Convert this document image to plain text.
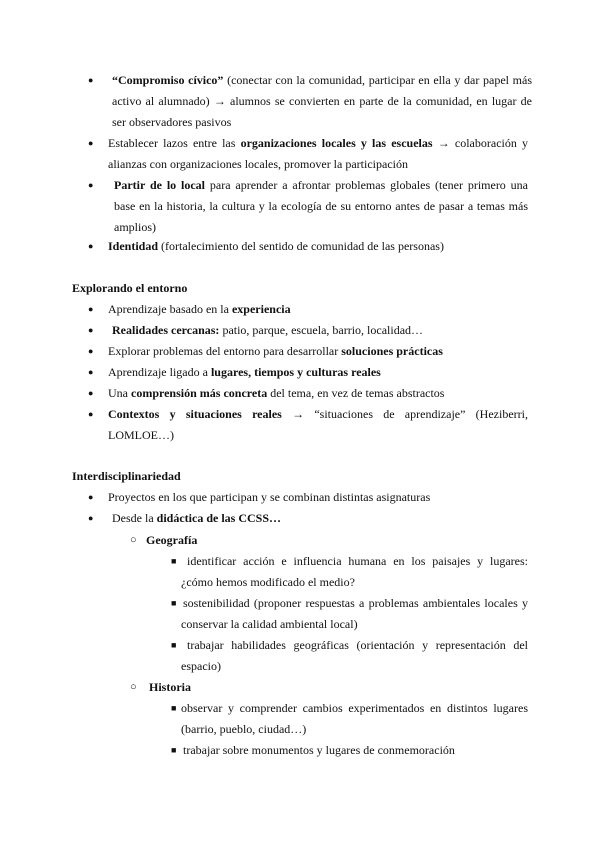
●	“Compromiso cívico” (conectar con la comunidad, participar en ella y dar papel más activo al alumnado) → alumnos se convierten en parte de la comunidad, en lugar de ser observadores pasivos
● Establecer lazos entre las organizaciones locales y las escuelas → colaboración y alianzas con organizaciones locales, promover la participación
●	Partir de lo local para aprender a afrontar problemas globales (tener primero una base en la historia, la cultura y la ecología de su entorno antes de pasar a temas más amplios)
● Identidad (fortalecimiento del sentido de comunidad de las personas)
Explorando el entorno
● Aprendizaje basado en la experiencia
●	Realidades cercanas: patio, parque, escuela, barrio, localidad…
● Explorar problemas del entorno para desarrollar soluciones prácticas
● Aprendizaje ligado a lugares, tiempos y culturas reales
● Una comprensión más concreta del tema, en vez de temas abstractos
● Contextos y situaciones reales → “situaciones de aprendizaje” (Heziberri, LOMLOE…)
Interdisciplinariedad
● Proyectos en los que participan y se combinan distintas asignaturas
●	Desde la didáctica de las CCSS…
○ Geografía
■ identificar acción e influencia humana en los paisajes y lugares: ¿cómo hemos modificado el medio?
■ sostenibilidad (proponer respuestas a problemas ambientales locales y conservar la calidad ambiental local)
■ trabajar habilidades geográficas (orientación y representación del espacio)
○ Historia
■ observar y comprender cambios experimentados en distintos lugares (barrio, pueblo, ciudad…)
■ trabajar sobre monumentos y lugares de conmemoración
